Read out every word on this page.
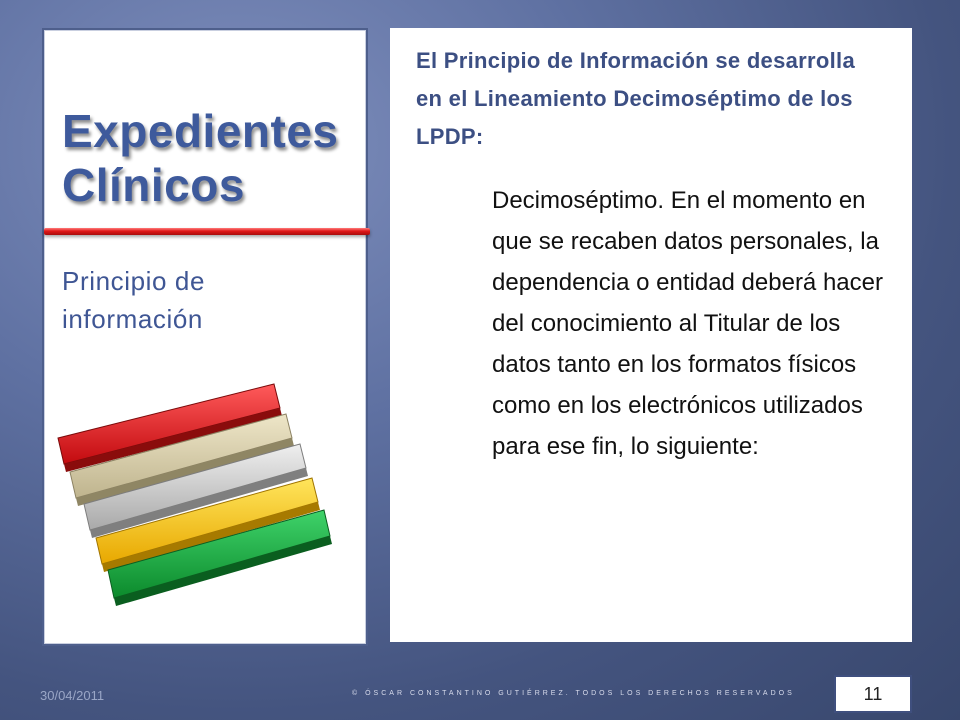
Expedientes
Clínicos
Principio de
información

El Principio de Información se desarrolla en el Lineamiento Decimoséptimo de los LPDP:

Decimoséptimo. En el momento en que se recaben datos personales, la dependencia o entidad deberá hacer del conocimiento al Titular de los datos tanto en los formatos físicos como en los electrónicos utilizados para ese fin, lo siguiente:

30/04/2011	© ÓSCAR CONSTANTINO GUTIÉRREZ. TODOS LOS DERECHOS RESERVADOS	11
